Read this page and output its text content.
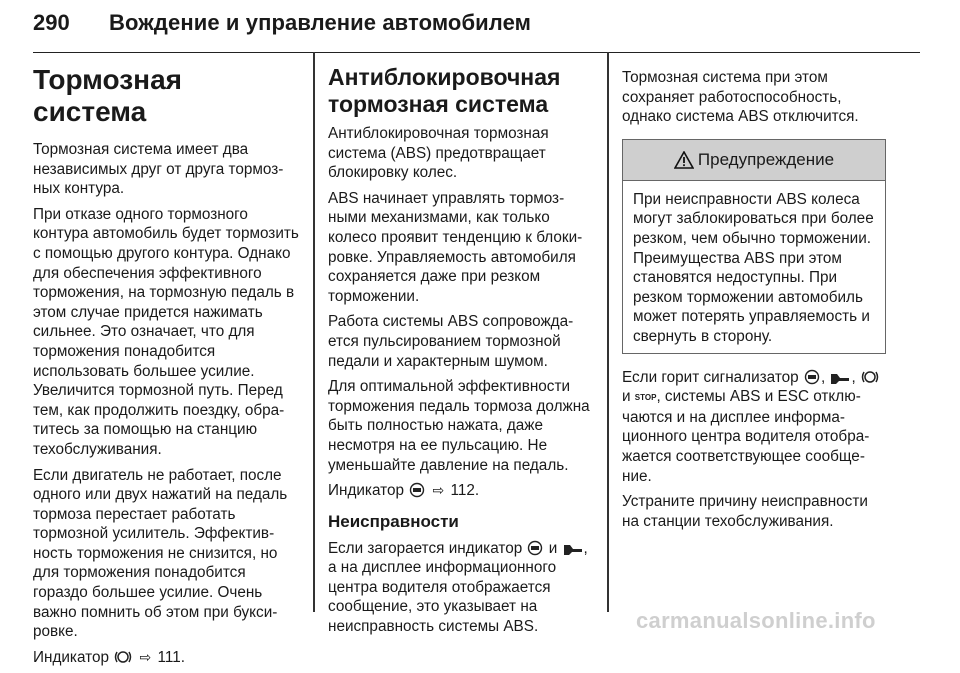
290 Вождение и управление автомобилем
Тормозная система

Тормозная система имеет два независимых друг от друга тормозных контура.

При отказе одного тормозного контура автомобиль будет тормозить с помощью другого контура. Однако для обеспечения эффективного торможения, на тормозную педаль в этом случае придется нажимать сильнее. Это означает, что для торможения понадобится использовать большее усилие. Увеличится тормозной путь. Перед тем, как продолжить поездку, обратитесь за помощью на станцию техобслуживания.

Если двигатель не работает, после одного или двух нажатий на педаль тормоза перестает работать тормозной усилитель. Эффективность торможения не снизится, но для торможения понадобится гораздо большее усилие. Очень важно помнить об этом при буксировке.

Индикатор ⇨ 111.

Антиблокировочная тормозная система

Антиблокировочная тормозная система (ABS) предотвращает блокировку колес.

ABS начинает управлять тормозными механизмами, как только колесо проявит тенденцию к блокировке. Управляемость автомобиля сохраняется даже при резком торможении.

Работа системы ABS сопровождается пульсированием тормозной педали и характерным шумом.

Для оптимальной эффективности торможения педаль тормоза должна быть полностью нажата, даже несмотря на ее пульсацию. Не уменьшайте давление на педаль.

Индикатор ⇨ 112.

Неисправности

Если загорается индикатор и , а на дисплее информационного центра водителя отображается сообщение, это указывает на неисправность системы ABS.

Тормозная система при этом сохраняет работоспособность, однако система ABS отключится.

Предупреждение

При неисправности ABS колеса могут заблокироваться при более резком, чем обычно торможении. Преимущества ABS при этом становятся недоступны. При резком торможении автомобиль может потерять управляемость и свернуть в сторону.

Если горит сигнализатор , ,  и STOP, системы ABS и ESC отключаются и на дисплее информационного центра водителя отображается соответствующее сообщение.

Устраните причину неисправности на станции техобслуживания.

carmanualsonline.info
